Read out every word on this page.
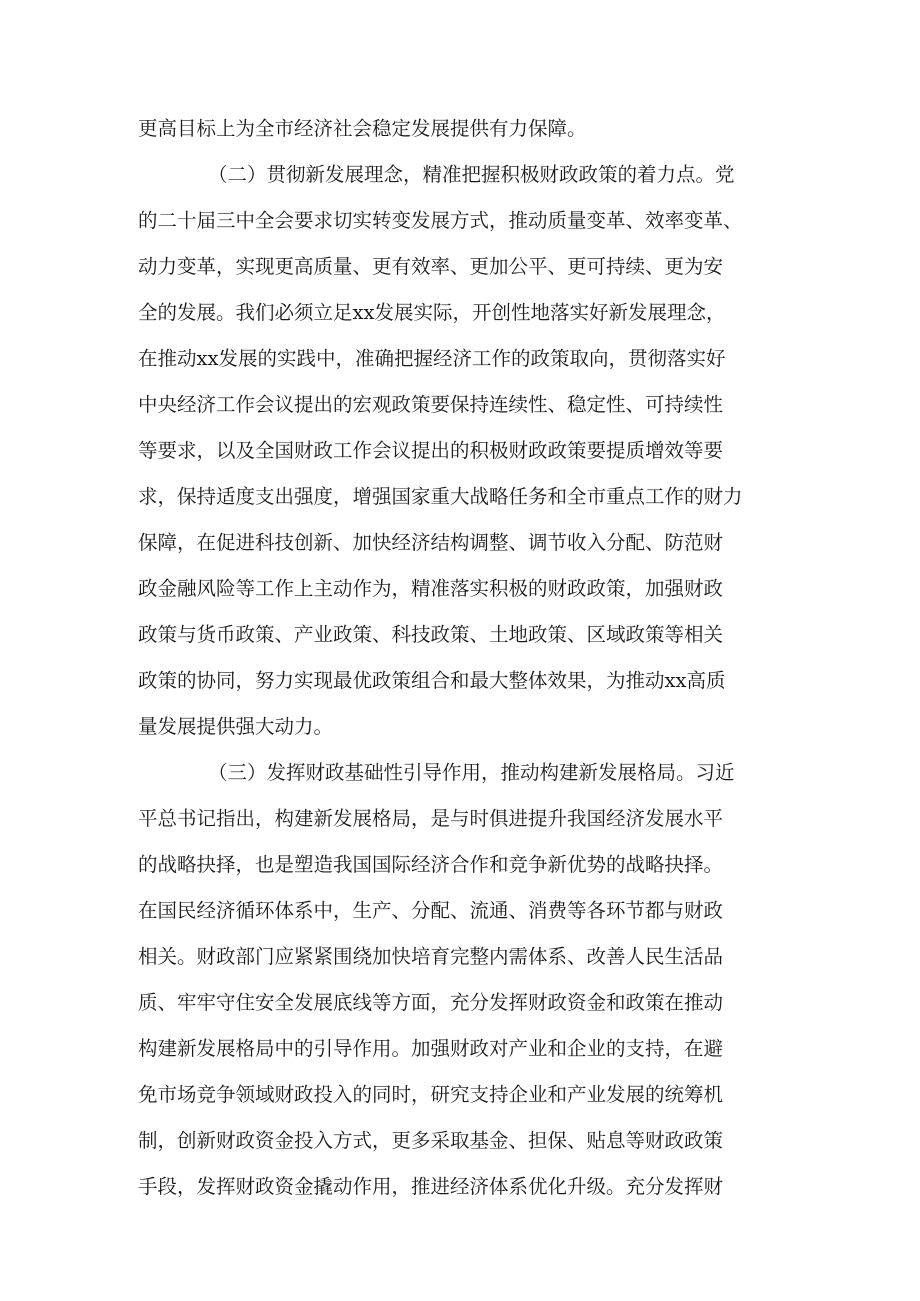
更高目标上为全市经济社会稳定发展提供有力保障。
（二）贯彻新发展理念，精准把握积极财政政策的着力点。党
的二十届三中全会要求切实转变发展方式，推动质量变革、效率变革、
动力变革，实现更高质量、更有效率、更加公平、更可持续、更为安
全的发展。我们必须立足xx发展实际，开创性地落实好新发展理念，
在推动xx发展的实践中，准确把握经济工作的政策取向，贯彻落实好
中央经济工作会议提出的宏观政策要保持连续性、稳定性、可持续性
等要求，以及全国财政工作会议提出的积极财政政策要提质增效等要
求，保持适度支出强度，增强国家重大战略任务和全市重点工作的财力
保障，在促进科技创新、加快经济结构调整、调节收入分配、防范财
政金融风险等工作上主动作为，精准落实积极的财政政策，加强财政
政策与货币政策、产业政策、科技政策、土地政策、区域政策等相关
政策的协同，努力实现最优政策组合和最大整体效果，为推动xx高质
量发展提供强大动力。
（三）发挥财政基础性引导作用，推动构建新发展格局。习近
平总书记指出，构建新发展格局，是与时俱进提升我国经济发展水平
的战略抉择，也是塑造我国国际经济合作和竞争新优势的战略抉择。
在国民经济循环体系中，生产、分配、流通、消费等各环节都与财政
相关。财政部门应紧紧围绕加快培育完整内需体系、改善人民生活品
质、牢牢守住安全发展底线等方面，充分发挥财政资金和政策在推动
构建新发展格局中的引导作用。加强财政对产业和企业的支持，在避
免市场竞争领域财政投入的同时，研究支持企业和产业发展的统筹机
制，创新财政资金投入方式，更多采取基金、担保、贴息等财政政策
手段，发挥财政资金撬动作用，推进经济体系优化升级。充分发挥财
